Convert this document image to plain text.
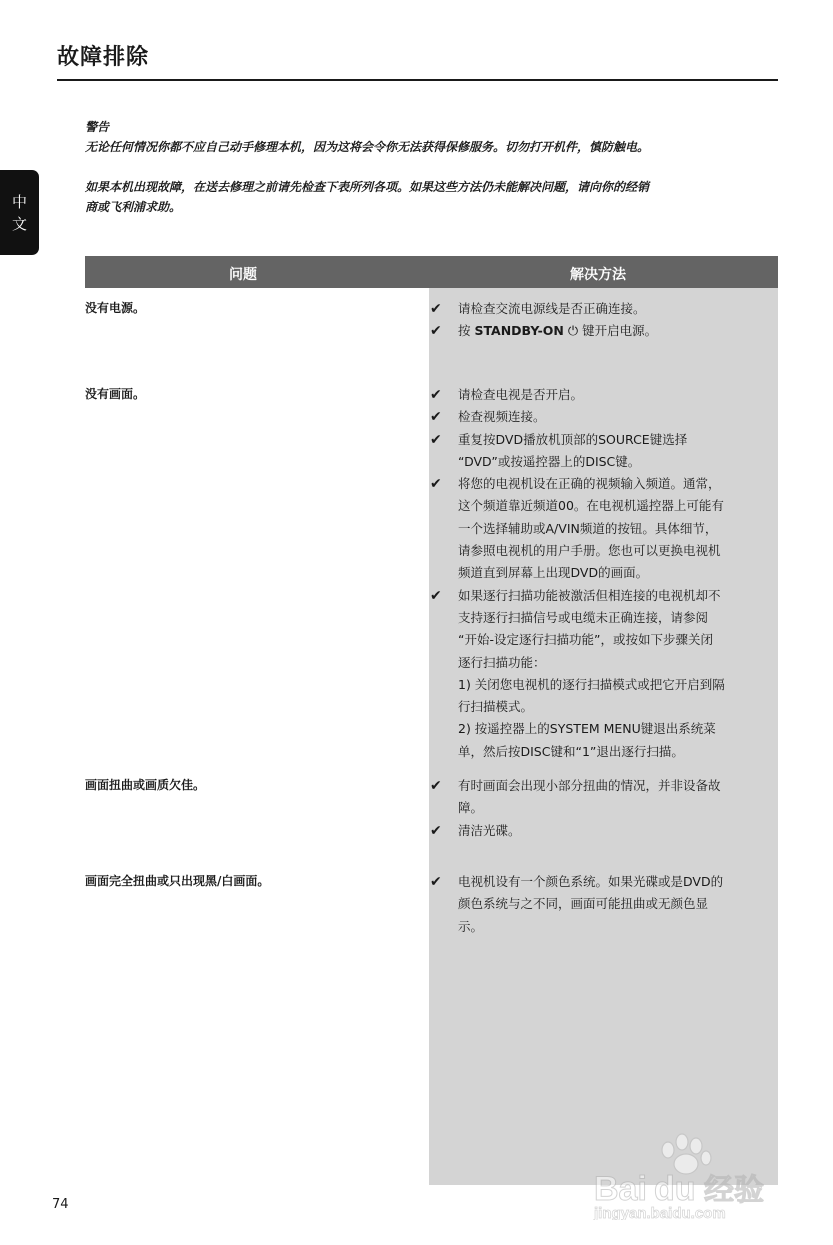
故障排除
中
文

警告

无论任何情况你都不应自己动手修理本机，因为这将会令你无法获得保修服务。切勿打开机件，慎防触电。

如果本机出现故障，在送去修理之前请先检查下表所列各项。如果这些方法仍未能解决问题，请向你的经销

商或飞利浦求助。

问题	解决方法
没有电源。	✔ 请检查交流电源线是否正确连接。
✔ 按 STANDBY-ON ⏻ 键开启电源。
没有画面。	✔ 请检查电视是否开启。
✔ 检查视频连接。
✔ 重复按DVD播放机顶部的SOURCE键选择
“DVD”或按遥控器上的DISC键。
✔ 将您的电视机设在正确的视频输入频道。通常，
这个频道靠近频道00。在电视机遥控器上可能有
一个选择辅助或A/VIN频道的按钮。具体细节，
请参照电视机的用户手册。您也可以更换电视机
频道直到屏幕上出现DVD的画面。
✔ 如果逐行扫描功能被激活但相连接的电视机却不
支持逐行扫描信号或电缆未正确连接，请参阅
“开始-设定逐行扫描功能”，或按如下步骤关闭
逐行扫描功能：
1) 关闭您电视机的逐行扫描模式或把它开启到隔
行扫描模式。
2) 按遥控器上的SYSTEM MENU键退出系统菜
单，然后按DISC键和“1”退出逐行扫描。
画面扭曲或画质欠佳。	✔ 有时画面会出现小部分扭曲的情况，并非设备故
障。
✔ 清洁光碟。
画面完全扭曲或只出现黑/白画面。	✔ 电视机设有一个颜色系统。如果光碟或是DVD的
颜色系统与之不同，画面可能扭曲或无颜色显
示。
74	Bai du 经验
jingyan.baidu.com
